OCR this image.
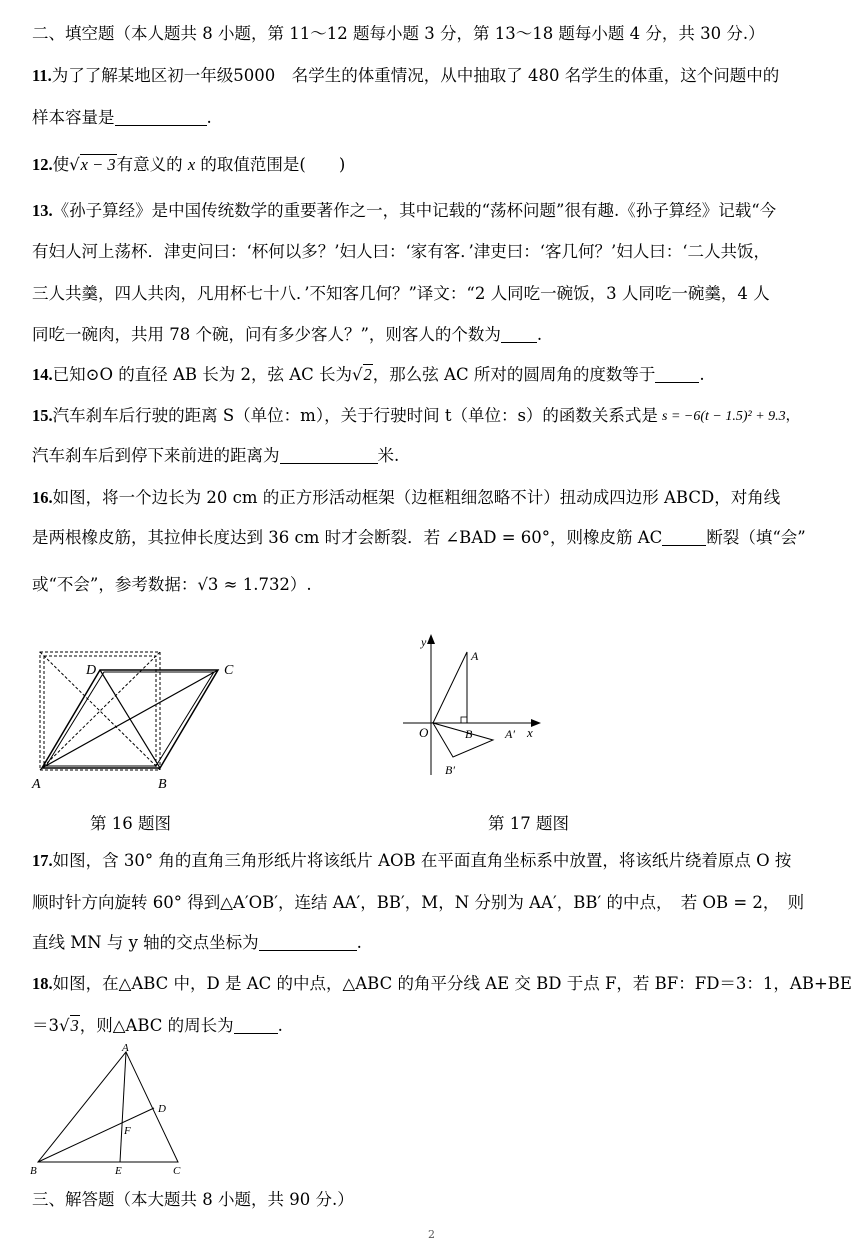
二、填空题（本人题共 8 小题，第 11～12 题每小题 3 分，第 13～18 题每小题 4 分，共 30 分.）
11.为了了解某地区初一年级5000　名学生的体重情况，从中抽取了 480 名学生的体重，这个问题中的
样本容量是	.
12.使√x − 3有意义的 x 的取值范围是(　　)
13.《孙子算经》是中国传统数学的重要著作之一，其中记载的“荡杯问题”很有趣.《孙子算经》记载“今
有妇人河上荡杯．津吏问曰：‘杯何以多？’妇人曰：‘家有客．’津吏曰：‘客几何？’妇人曰：‘二人共饭，
三人共羹，四人共肉，凡用杯七十八．’不知客几何？”译文：“2 人同吃一碗饭，3 人同吃一碗羹，4 人
同吃一碗肉，共用 78 个碗，问有多少客人？”，则客人的个数为 .
14.已知⊙O 的直径 AB 长为 2，弦 AC 长为√2，那么弦 AC 所对的圆周角的度数等于	.
15.汽车刹车后行驶的距离 S（单位：m），关于行驶时间 t（单位：s）的函数关系式是 s = −6(t − 1.5)² + 9.3，
汽车刹车后到停下来前进的距离为	米.
16.如图，将一个边长为 20 cm 的正方形活动框架（边框粗细忽略不计）扭动成四边形 ABCD，对角线
是两根橡皮筋，其拉伸长度达到 36 cm 时才会断裂．若 ∠BAD = 60°，则橡皮筋 AC	断裂（填“会”
或“不会”，参考数据：√3 ≈ 1.732）.
A	B
C
D
第 16 题图
y
x
O
A
B	A′
B′
第 17 题图
17.如图，含 30° 角的直角三角形纸片将该纸片 AOB 在平面直角坐标系中放置，将该纸片绕着原点 O 按
顺时针方向旋转 60° 得到△A′OB′，连结 AA′，BB′，M，N 分别为 AA′，BB′ 的中点，　若 OB = 2，　则
直线 MN 与 y 轴的交点坐标为	.
18.如图，在△ABC 中，D 是 AC 的中点，△ABC 的角平分线 AE 交 BD 于点 F，若 BF：FD＝3：1，AB+BE
＝3√3，则△ABC 的周长为	.
A
B	C
D
E
F
三、解答题（本大题共 8 小题，共 90 分.）
2
